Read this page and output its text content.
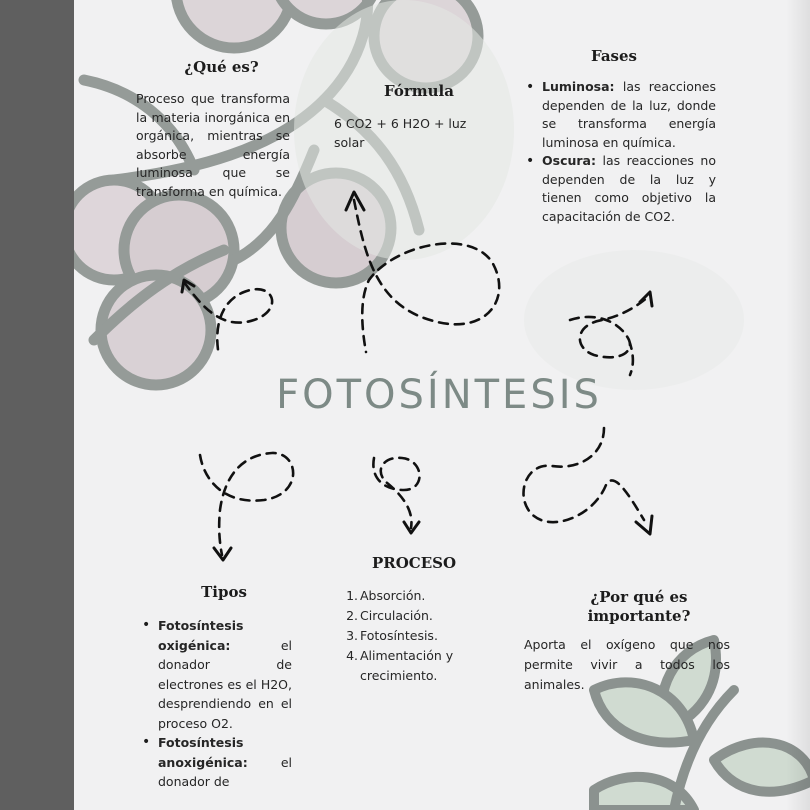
¿Qué es?
Proceso que transforma la materia inorgánica en orgánica, mientras se absorbe energía luminosa que se transforma en química.
Fórmula
6 CO2 + 6 H2O + luz solar
Fases
• Luminosa: las reacciones dependen de la luz, donde se transforma energía luminosa en química.
• Oscura: las reacciones no dependen de la luz y tienen como objetivo la capacitación de CO2.
FOTOSÍNTESIS
PROCESO
1. Absorción.
2. Circulación.
3. Fotosíntesis.
4. Alimentación y crecimiento.
Tipos
• Fotosíntesis oxigénica:	el donador de electrones es el H2O, desprendiendo en el proceso O2.
• Fotosíntesis anoxigénica:	el donador de
¿Por qué es importante?
Aporta el oxígeno que nos permite vivir a todos los animales.
